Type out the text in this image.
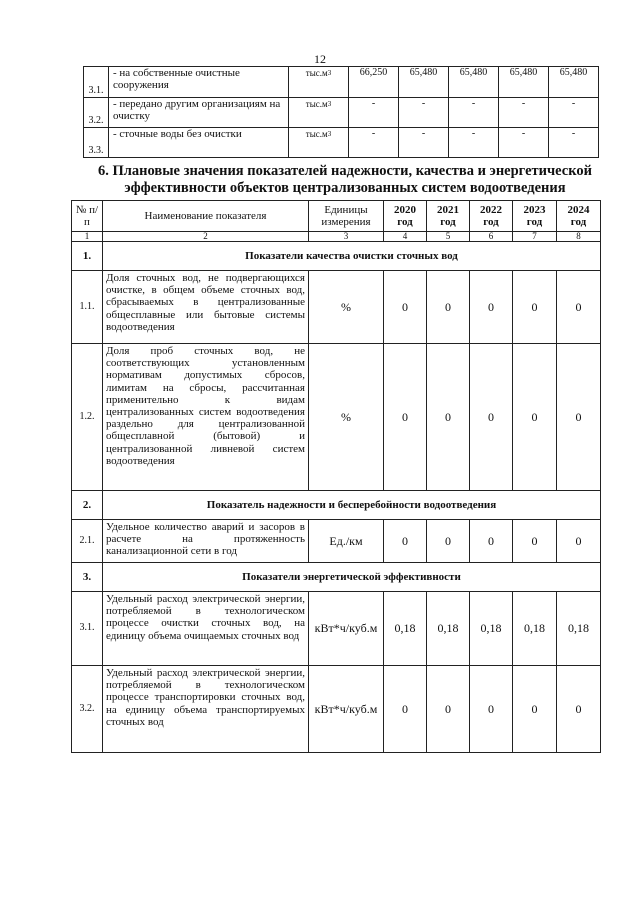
12
3.1.	- на собственные очистные сооружения	$тыс.м^3$	66,250	65,480	65,480	65,480	65,480
3.2.	- передано другим организациям на очистку	$тыс.м^3$	-	-	-	-	-
3.3.	- сточные воды без очистки	$тыс.м^3$	-	-	-	-	-
6. Плановые значения показателей надежности, качества и энергетической эффективности объектов централизованных систем водоотведения
№ п/п	Наименование показателя	Единицы измерения	2020 год	2021 год	2022 год	2023 год	2024 год
1	2	3	4	5	6	7	8
1.	Показатели качества очистки сточных вод						
1.1.	Доля сточных вод, не подвергающихся очистке, в общем объеме сточных вод, сбрасываемых в централизованные общесплавные или бытовые системы водоотведения	%	0	0	0	0	0
1.2.	Доля проб сточных вод, не соответствующих установленным нормативам допустимых сбросов, лимитам на сбросы, рассчитанная применительно к видам централизованных систем водоотведения раздельно для централизованной общесплавной (бытовой) и централизованной ливневой систем водоотведения	%	0	0	0	0	0
2.	Показатель надежности и бесперебойности водоотведения						
2.1.	Удельное количество аварий и засоров в расчете на протяженность канализационной сети в год	Ед./км	0	0	0	0	0
3.	Показатели энергетической эффективности						
3.1.	Удельный расход электрической энергии, потребляемой в технологическом процессе очистки сточных вод, на единицу объема очищаемых сточных вод	кВт*ч/куб.м	0,18	0,18	0,18	0,18	0,18
3.2.	Удельный расход электрической энергии, потребляемой в технологическом процессе транспортировки сточных вод, на единицу объема транспортируемых сточных вод	кВт*ч/куб.м	0	0	0	0	0
